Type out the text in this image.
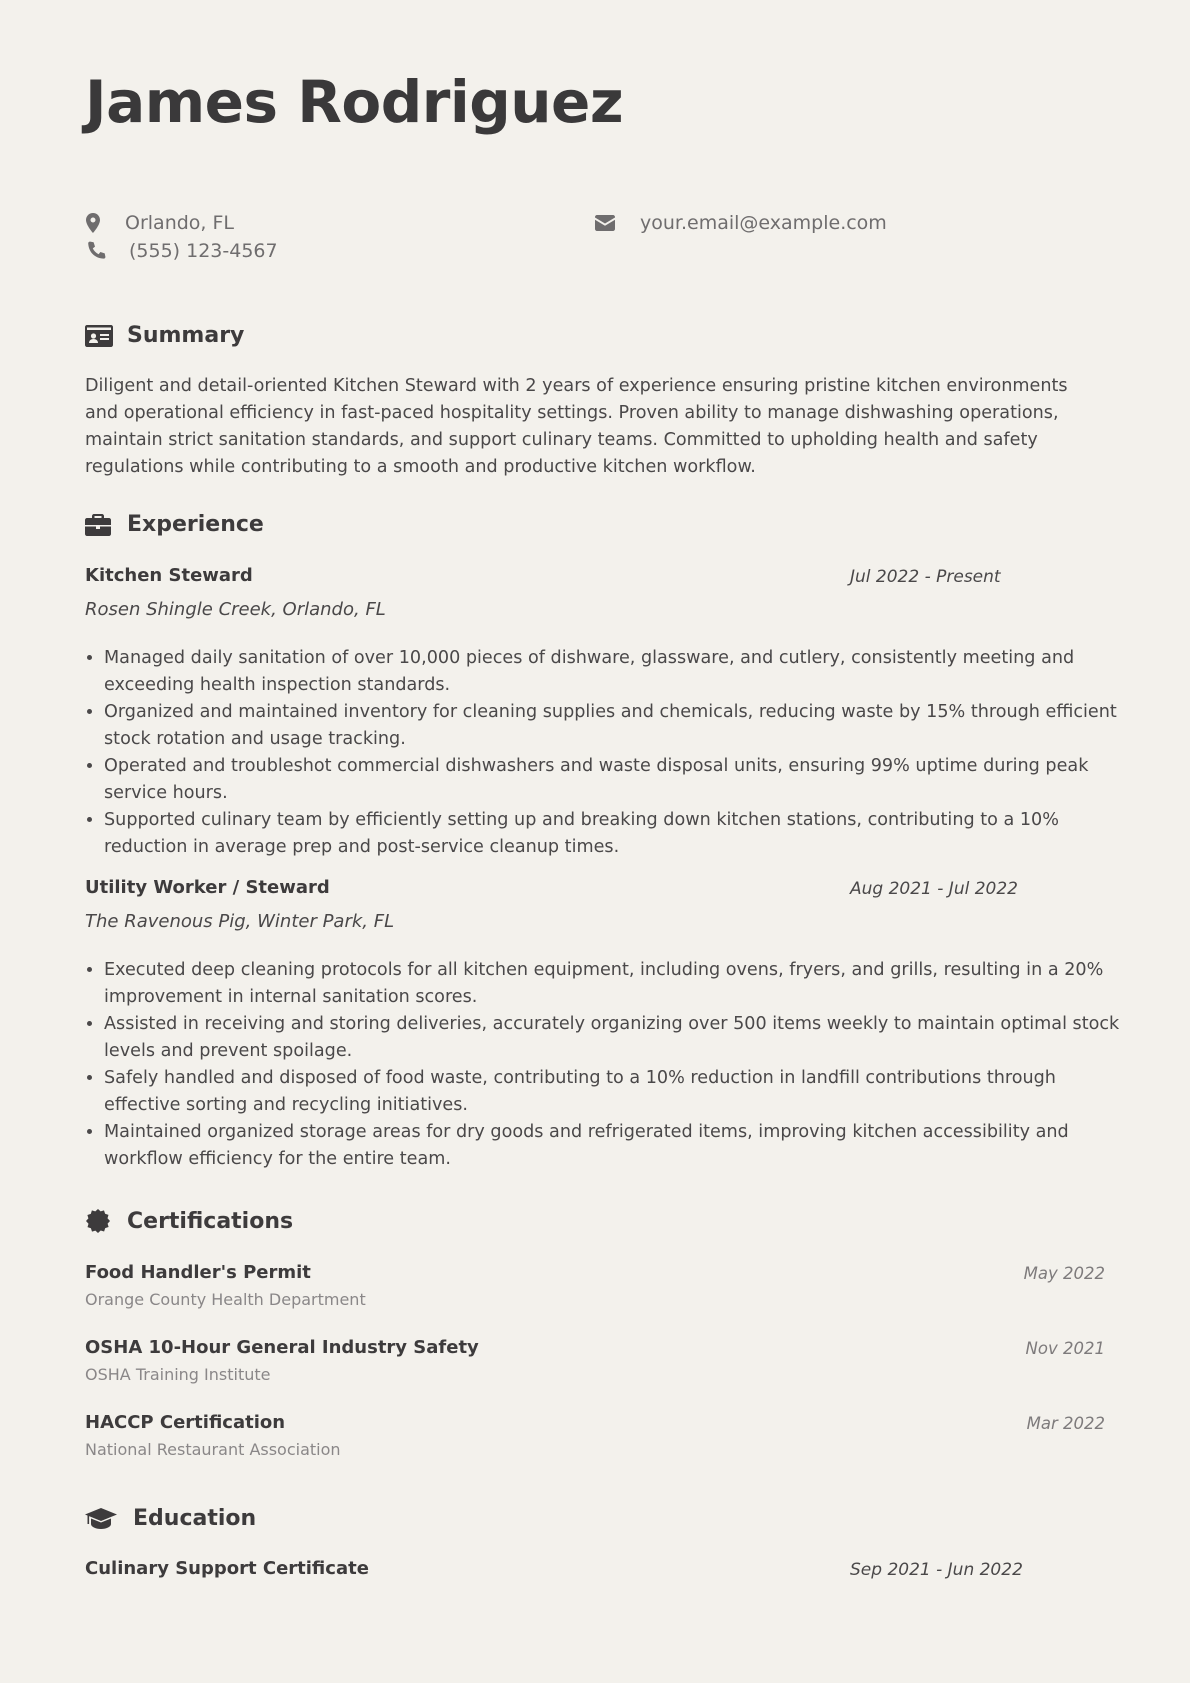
James Rodriguez
Orlando, FL
(555) 123-4567
your.email@example.com
Summary

Diligent and detail-oriented Kitchen Steward with 2 years of experience ensuring pristine kitchen environments and operational efficiency in fast-paced hospitality settings. Proven ability to manage dishwashing operations, maintain strict sanitation standards, and support culinary teams. Committed to upholding health and safety regulations while contributing to a smooth and productive kitchen workflow.

Experience
Kitchen Steward	Jul 2022 - Present
Rosen Shingle Creek, Orlando, FL
• Managed daily sanitation of over 10,000 pieces of dishware, glassware, and cutlery, consistently meeting and exceeding health inspection standards.
• Organized and maintained inventory for cleaning supplies and chemicals, reducing waste by 15% through efficient stock rotation and usage tracking.
• Operated and troubleshot commercial dishwashers and waste disposal units, ensuring 99% uptime during peak service hours.
• Supported culinary team by efficiently setting up and breaking down kitchen stations, contributing to a 10% reduction in average prep and post-service cleanup times.
Utility Worker / Steward	Aug 2021 - Jul 2022
The Ravenous Pig, Winter Park, FL
• Executed deep cleaning protocols for all kitchen equipment, including ovens, fryers, and grills, resulting in a 20% improvement in internal sanitation scores.
• Assisted in receiving and storing deliveries, accurately organizing over 500 items weekly to maintain optimal stock levels and prevent spoilage.
• Safely handled and disposed of food waste, contributing to a 10% reduction in landfill contributions through effective sorting and recycling initiatives.
• Maintained organized storage areas for dry goods and refrigerated items, improving kitchen accessibility and workflow efficiency for the entire team.
Certifications
Food Handler's Permit
Orange County Health Department
May 2022
OSHA 10-Hour General Industry Safety
OSHA Training Institute
Nov 2021
HACCP Certification
National Restaurant Association
Mar 2022
Education
Culinary Support Certificate	Sep 2021 - Jun 2022
